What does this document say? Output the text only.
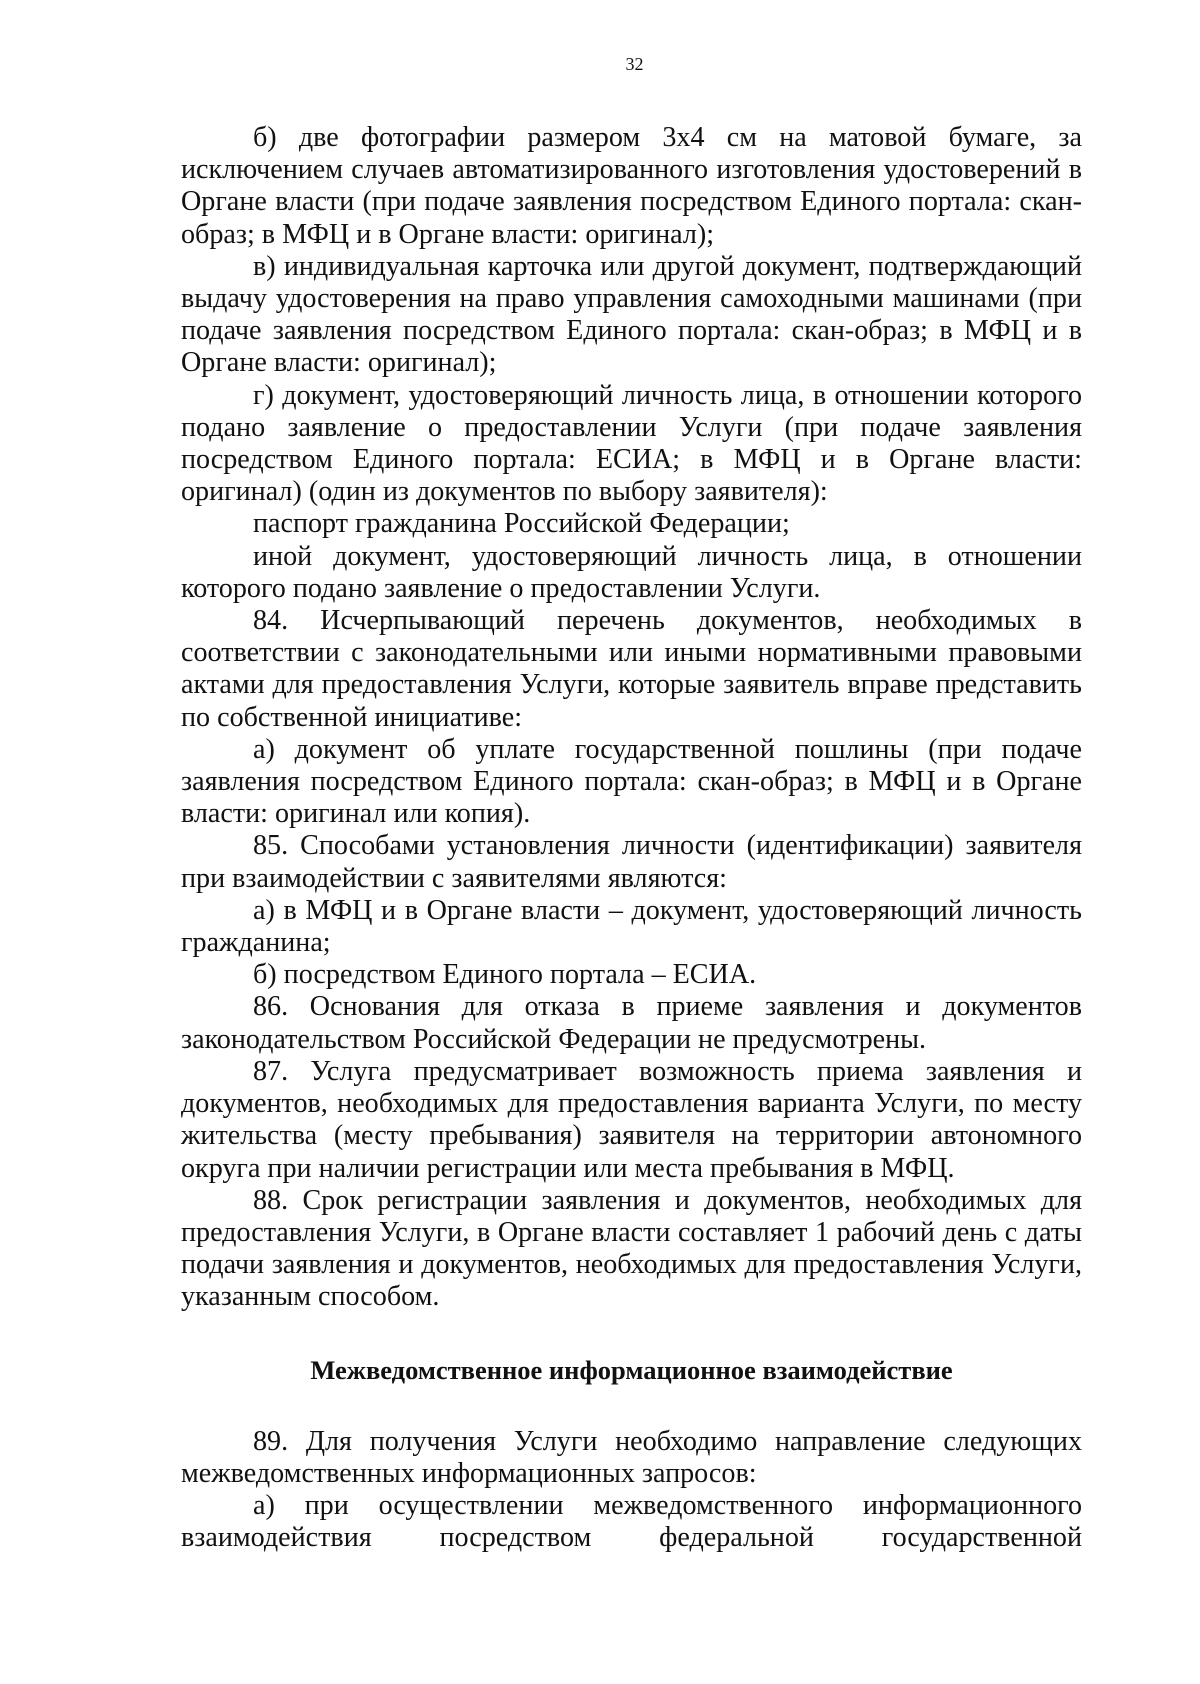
32

б) две фотографии размером 3x4 см на матовой бумаге, за исключением случаев автоматизированного изготовления удостоверений в Органе власти (при подаче заявления посредством Единого портала: скан-образ; в МФЦ и в Органе власти: оригинал);

в) индивидуальная карточка или другой документ, подтверждающий выдачу удостоверения на право управления самоходными машинами (при подаче заявления посредством Единого портала: скан-образ; в МФЦ и в Органе власти: оригинал);

г) документ, удостоверяющий личность лица, в отношении которого подано заявление о предоставлении Услуги (при подаче заявления посредством Единого портала: ЕСИА; в МФЦ и в Органе власти: оригинал) (один из документов по выбору заявителя):

паспорт гражданина Российской Федерации;

иной документ, удостоверяющий личность лица, в отношении которого подано заявление о предоставлении Услуги.

84. Исчерпывающий перечень документов, необходимых в соответствии с законодательными или иными нормативными правовыми актами для предоставления Услуги, которые заявитель вправе представить по собственной инициативе:

а) документ об уплате государственной пошлины (при подаче заявления посредством Единого портала: скан-образ; в МФЦ и в Органе власти: оригинал или копия).

85. Способами установления личности (идентификации) заявителя при взаимодействии с заявителями являются:

а) в МФЦ и в Органе власти – документ, удостоверяющий личность гражданина;

б) посредством Единого портала – ЕСИА.

86. Основания для отказа в приеме заявления и документов законодательством Российской Федерации не предусмотрены.

87. Услуга предусматривает возможность приема заявления и документов, необходимых для предоставления варианта Услуги, по месту жительства (месту пребывания) заявителя на территории автономного округа при наличии регистрации или места пребывания в МФЦ.

88. Срок регистрации заявления и документов, необходимых для предоставления Услуги, в Органе власти составляет 1 рабочий день с даты подачи заявления и документов, необходимых для предоставления Услуги, указанным способом.

Межведомственное информационное взаимодействие

89. Для получения Услуги необходимо направление следующих межведомственных информационных запросов:

а) при осуществлении межведомственного информационного взаимодействия посредством федеральной государственной
